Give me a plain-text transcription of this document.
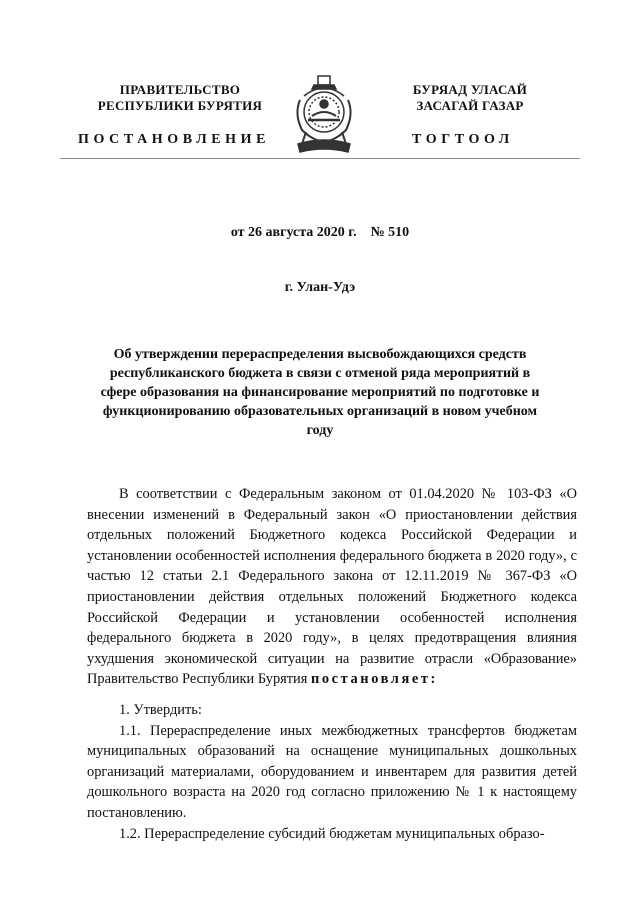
ПРАВИТЕЛЬСТВО
РЕСПУБЛИКИ БУРЯТИЯ
БУРЯАД УЛАСАЙ
ЗАСАГАЙ ГАЗАР
ПОСТАНОВЛЕНИЕ	ТОГТООЛ
от 26 августа 2020 г.    № 510
г. Улан-Удэ
Об утверждении перераспределения высвобождающихся средств республиканского бюджета в связи с отменой ряда мероприятий в сфере образования на финансирование мероприятий по подготовке и функционированию образовательных организаций в новом учебном году

В соответствии с Федеральным законом от 01.04.2020 № 103-ФЗ «О внесении изменений в Федеральный закон «О приостановлении действия отдельных положений Бюджетного кодекса Российской Федерации и установлении особенностей исполнения федерального бюджета в 2020 году», с частью 12 статьи 2.1 Федерального закона от 12.11.2019 № 367-ФЗ «О приостановлении действия отдельных положений Бюджетного кодекса Российской Федерации и установлении особенностей исполнения федерального бюджета в 2020 году», в целях предотвращения влияния ухудшения экономической ситуации на развитие отрасли «Образование» Правительство Республики Бурятия постановляет:

1. Утвердить:

1.1. Перераспределение иных межбюджетных трансфертов бюджетам муниципальных образований на оснащение муниципальных дошкольных организаций материалами, оборудованием и инвентарем для развития детей дошкольного возраста на 2020 год согласно приложению № 1 к настоящему постановлению.

1.2. Перераспределение субсидий бюджетам муниципальных образо-
